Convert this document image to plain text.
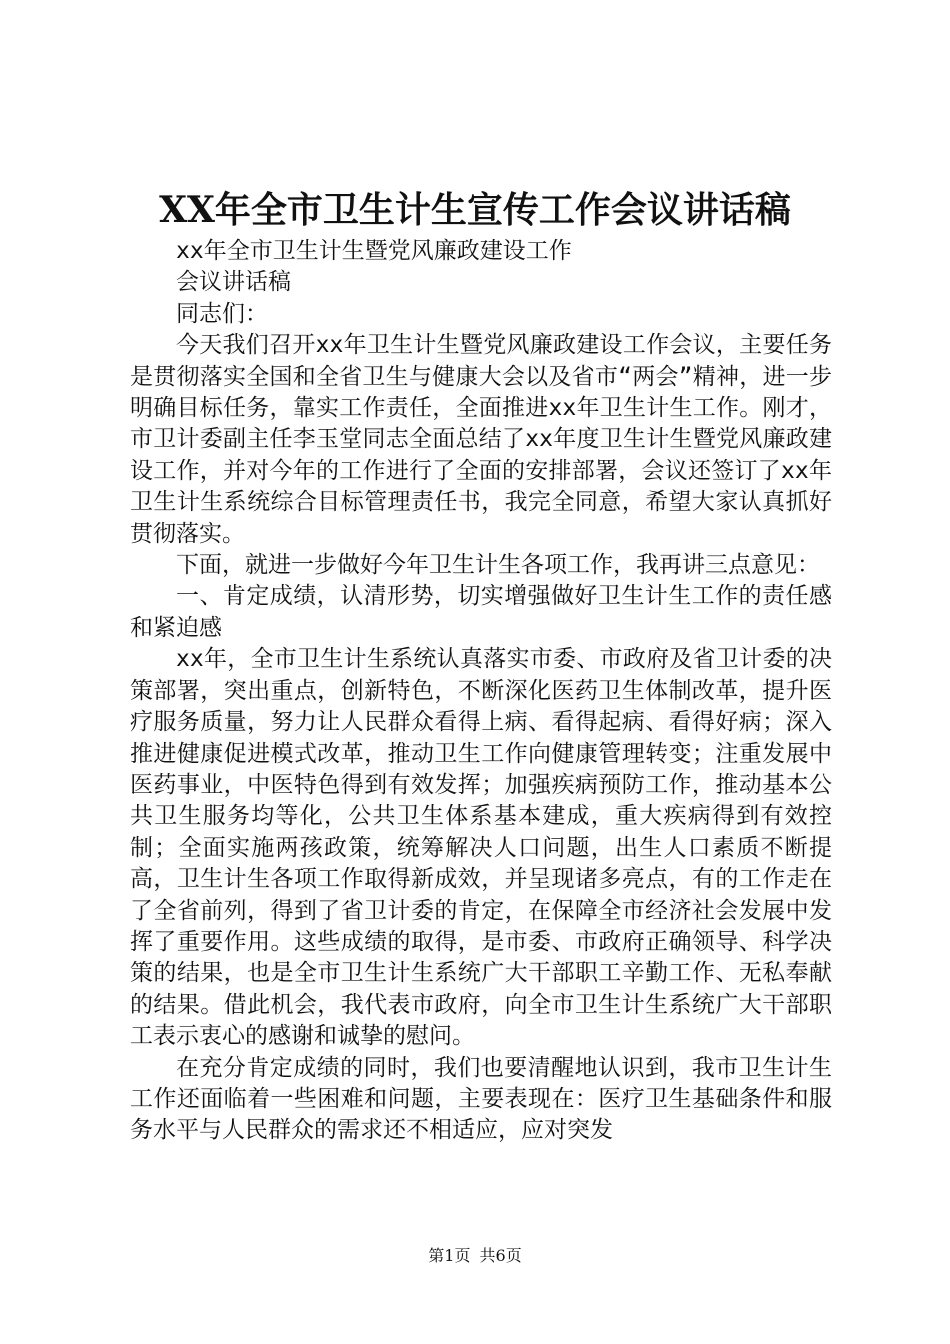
XX年全市卫生计生宣传工作会议讲话稿

xx年全市卫生计生暨党风廉政建设工作

会议讲话稿

同志们：

今天我们召开xx年卫生计生暨党风廉政建设工作会议，主要任务是贯彻落实全国和全省卫生与健康大会以及省市“两会”精神，进一步明确目标任务，靠实工作责任，全面推进xx年卫生计生工作。刚才，市卫计委副主任李玉堂同志全面总结了xx年度卫生计生暨党风廉政建设工作，并对今年的工作进行了全面的安排部署，会议还签订了xx年卫生计生系统综合目标管理责任书，我完全同意，希望大家认真抓好贯彻落实。

下面，就进一步做好今年卫生计生各项工作，我再讲三点意见：

一、肯定成绩，认清形势，切实增强做好卫生计生工作的责任感和紧迫感

xx年，全市卫生计生系统认真落实市委、市政府及省卫计委的决策部署，突出重点，创新特色，不断深化医药卫生体制改革，提升医疗服务质量，努力让人民群众看得上病、看得起病、看得好病；深入推进健康促进模式改革，推动卫生工作向健康管理转变；注重发展中医药事业，中医特色得到有效发挥；加强疾病预防工作，推动基本公共卫生服务均等化，公共卫生体系基本建成，重大疾病得到有效控制；全面实施两孩政策，统筹解决人口问题，出生人口素质不断提高，卫生计生各项工作取得新成效，并呈现诸多亮点，有的工作走在了全省前列，得到了省卫计委的肯定，在保障全市经济社会发展中发挥了重要作用。这些成绩的取得，是市委、市政府正确领导、科学决策的结果，也是全市卫生计生系统广大干部职工辛勤工作、无私奉献的结果。借此机会，我代表市政府，向全市卫生计生系统广大干部职工表示衷心的感谢和诚挚的慰问。

在充分肯定成绩的同时，我们也要清醒地认识到，我市卫生计生工作还面临着一些困难和问题，主要表现在：医疗卫生基础条件和服务水平与人民群众的需求还不相适应，应对突发

第1页 共6页
